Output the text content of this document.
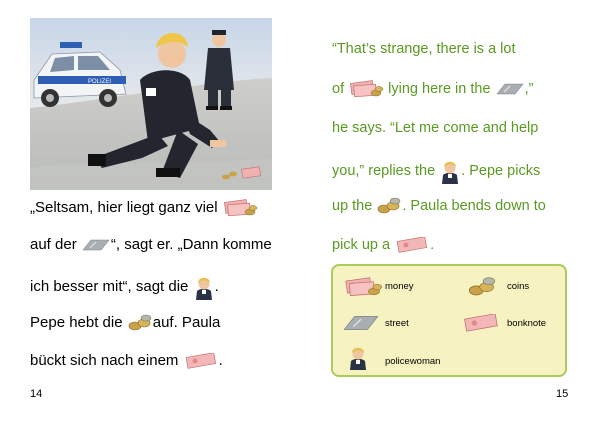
POLIZEI
„Seltsam, hier liegt ganz viel
auf der “, sagt er. „Dann komme
ich besser mit“, sagt die .
Pepe hebt die auf. Paula
bückt sich nach einem	.
14
“That’s strange, there is a lot
of	lying here in the ,”
he says. “Let me come and help
you,” replies the . Pepe picks
up the . Paula bends down to
pick up a	.
money	coins
street	bonknote
policewoman
15
